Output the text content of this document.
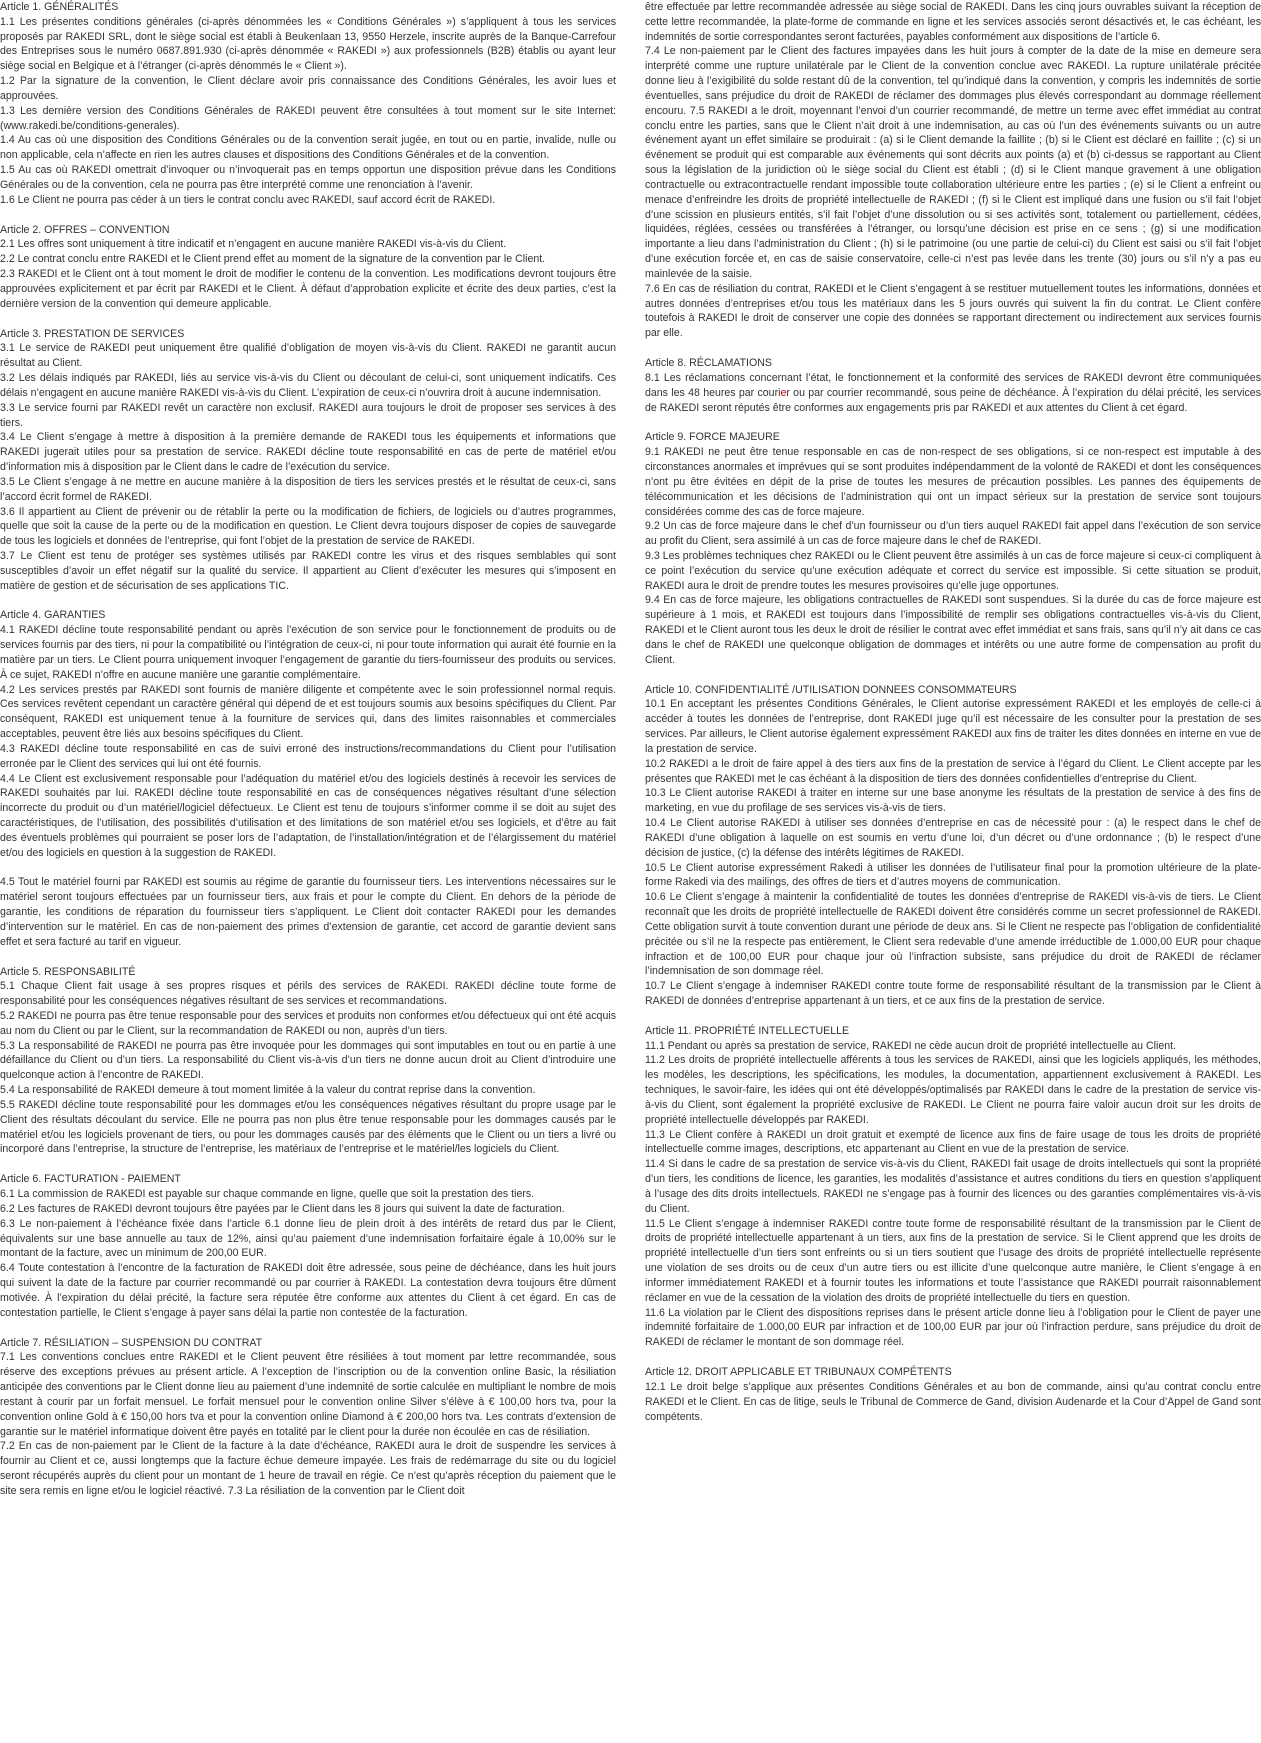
Article 1. GÉNÉRALITÉS

1.1 Les présentes conditions générales (ci-après dénommées les « Conditions Générales ») s’appliquent à tous les services proposés par RAKEDI SRL, dont le siège social est établi à Beukenlaan 13, 9550 Herzele, inscrite auprès de la Banque-Carrefour des Entreprises sous le numéro 0687.891.930 (ci-après dénommée « RAKEDI ») aux professionnels (B2B) établis ou ayant leur siège social en Belgique et à l’étranger (ci-après dénommés le « Client »).

1.2 Par la signature de la convention, le Client déclare avoir pris connaissance des Conditions Générales, les avoir lues et approuvées.

1.3 Les dernière version des Conditions Générales de RAKEDI peuvent être consultées à tout moment sur le site Internet: (www.rakedi.be/conditions-generales).

1.4 Au cas où une disposition des Conditions Générales ou de la convention serait jugée, en tout ou en partie, invalide, nulle ou non applicable, cela n’affecte en rien les autres clauses et dispositions des Conditions Générales et de la convention.

1.5 Au cas où RAKEDI omettrait d’invoquer ou n’invoquerait pas en temps opportun une disposition prévue dans les Conditions Générales ou de la convention, cela ne pourra pas être interprété comme une renonciation à l’avenir.

1.6 Le Client ne pourra pas céder à un tiers le contrat conclu avec RAKEDI, sauf accord écrit de RAKEDI.

Article 2. OFFRES – CONVENTION

2.1 Les offres sont uniquement à titre indicatif et n’engagent en aucune manière RAKEDI vis-à-vis du Client.

2.2 Le contrat conclu entre RAKEDI et le Client prend effet au moment de la signature de la convention par le Client.

2.3 RAKEDI et le Client ont à tout moment le droit de modifier le contenu de la convention. Les modifications devront toujours être approuvées explicitement et par écrit par RAKEDI et le Client. À défaut d’approbation explicite et écrite des deux parties, c’est la dernière version de la convention qui demeure applicable.

Article 3. PRESTATION DE SERVICES

3.1 Le service de RAKEDI peut uniquement être qualifié d’obligation de moyen vis-à-vis du Client. RAKEDI ne garantit aucun résultat au Client.

3.2 Les délais indiqués par RAKEDI, liés au service vis-à-vis du Client ou découlant de celui-ci, sont uniquement indicatifs. Ces délais n’engagent en aucune manière RAKEDI vis-à-vis du Client. L’expiration de ceux-ci n’ouvrira droit à aucune indemnisation.

3.3 Le service fourni par RAKEDI revêt un caractère non exclusif. RAKEDI aura toujours le droit de proposer ses services à des tiers.

3.4 Le Client s’engage à mettre à disposition à la première demande de RAKEDI tous les équipements et informations que RAKEDI jugerait utiles pour sa prestation de service. RAKEDI décline toute responsabilité en cas de perte de matériel et/ou d’information mis à disposition par le Client dans le cadre de l’exécution du service.

3.5 Le Client s’engage à ne mettre en aucune manière à la disposition de tiers les services prestés et le résultat de ceux-ci, sans l’accord écrit formel de RAKEDI.

3.6 Il appartient au Client de prévenir ou de rétablir la perte ou la modification de fichiers, de logiciels ou d’autres programmes, quelle que soit la cause de la perte ou de la modification en question. Le Client devra toujours disposer de copies de sauvegarde de tous les logiciels et données de l’entreprise, qui font l’objet de la prestation de service de RAKEDI.

3.7 Le Client est tenu de protéger ses systèmes utilisés par RAKEDI contre les virus et des risques semblables qui sont susceptibles d’avoir un effet négatif sur la qualité du service. Il appartient au Client d’exécuter les mesures qui s’imposent en matière de gestion et de sécurisation de ses applications TIC.

Article 4. GARANTIES

4.1 RAKEDI décline toute responsabilité pendant ou après l’exécution de son service pour le fonctionnement de produits ou de services fournis par des tiers, ni pour la compatibilité ou l’intégration de ceux-ci, ni pour toute information qui aurait été fournie en la matière par un tiers. Le Client pourra uniquement invoquer l’engagement de garantie du tiers-fournisseur des produits ou services. À ce sujet, RAKEDI n’offre en aucune manière une garantie complémentaire.

4.2 Les services prestés par RAKEDI sont fournis de manière diligente et compétente avec le soin professionnel normal requis. Ces services revêtent cependant un caractère général qui dépend de et est toujours soumis aux besoins spécifiques du Client. Par conséquent, RAKEDI est uniquement tenue à la fourniture de services qui, dans des limites raisonnables et commerciales acceptables, peuvent être liés aux besoins spécifiques du Client.

4.3 RAKEDI décline toute responsabilité en cas de suivi erroné des instructions/recommandations du Client pour l’utilisation erronée par le Client des services qui lui ont été fournis.

4.4 Le Client est exclusivement responsable pour l’adéquation du matériel et/ou des logiciels destinés à recevoir les services de RAKEDI souhaités par lui. RAKEDI décline toute responsabilité en cas de conséquences négatives résultant d’une sélection incorrecte du produit ou d’un matériel/logiciel défectueux. Le Client est tenu de toujours s’informer comme il se doit au sujet des caractéristiques, de l’utilisation, des possibilités d’utilisation et des limitations de son matériel et/ou ses logiciels, et d’être au fait des éventuels problèmes qui pourraient se poser lors de l’adaptation, de l’installation/intégration et de l’élargissement du matériel et/ou des logiciels en question à la suggestion de RAKEDI.

4.5 Tout le matériel fourni par RAKEDI est soumis au régime de garantie du fournisseur tiers. Les interventions nécessaires sur le matériel seront toujours effectuées par un fournisseur tiers, aux frais et pour le compte du Client. En dehors de la période de garantie, les conditions de réparation du fournisseur tiers s’appliquent. Le Client doit contacter RAKEDI pour les demandes d’intervention sur le matériel. En cas de non-paiement des primes d’extension de garantie, cet accord de garantie devient sans effet et sera facturé au tarif en vigueur.

Article 5. RESPONSABILITÉ

5.1 Chaque Client fait usage à ses propres risques et périls des services de RAKEDI. RAKEDI décline toute forme de responsabilité pour les conséquences négatives résultant de ses services et recommandations.

5.2 RAKEDI ne pourra pas être tenue responsable pour des services et produits non conformes et/ou défectueux qui ont été acquis au nom du Client ou par le Client, sur la recommandation de RAKEDI ou non, auprès d’un tiers.

5.3 La responsabilité de RAKEDI ne pourra pas être invoquée pour les dommages qui sont imputables en tout ou en partie à une défaillance du Client ou d’un tiers. La responsabilité du Client vis-à-vis d’un tiers ne donne aucun droit au Client d’introduire une quelconque action à l’encontre de RAKEDI.

5.4 La responsabilité de RAKEDI demeure à tout moment limitée à la valeur du contrat reprise dans la convention.

5.5 RAKEDI décline toute responsabilité pour les dommages et/ou les conséquences négatives résultant du propre usage par le Client des résultats découlant du service. Elle ne pourra pas non plus être tenue responsable pour les dommages causés par le matériel et/ou les logiciels provenant de tiers, ou pour les dommages causés par des éléments que le Client ou un tiers a livré ou incorporé dans l’entreprise, la structure de l’entreprise, les matériaux de l’entreprise et le matériel/les logiciels du Client.

Article 6. FACTURATION - PAIEMENT

6.1 La commission de RAKEDI est payable sur chaque commande en ligne, quelle que soit la prestation des tiers.

6.2 Les factures de RAKEDI devront toujours être payées par le Client dans les 8 jours qui suivent la date de facturation.

6.3 Le non-paiement à l’échéance fixée dans l’article 6.1 donne lieu de plein droit à des intérêts de retard dus par le Client, équivalents sur une base annuelle au taux de 12%, ainsi qu’au paiement d’une indemnisation forfaitaire égale à 10,00% sur le montant de la facture, avec un minimum de 200,00 EUR.

6.4 Toute contestation à l’encontre de la facturation de RAKEDI doit être adressée, sous peine de déchéance, dans les huit jours qui suivent la date de la facture par courrier recommandé ou par courrier à RAKEDI. La contestation devra toujours être dûment motivée. À l’expiration du délai précité, la facture sera réputée être conforme aux attentes du Client à cet égard. En cas de contestation partielle, le Client s’engage à payer sans délai la partie non contestée de la facturation.

Article 7. RÉSILIATION – SUSPENSION DU CONTRAT

7.1 Les conventions conclues entre RAKEDI et le Client peuvent être résiliées à tout moment par lettre recommandée, sous réserve des exceptions prévues au présent article. A l’exception de l’inscription ou de la convention online Basic, la résiliation anticipée des conventions par le Client donne lieu au paiement d’une indemnité de sortie calculée en multipliant le nombre de mois restant à courir par un forfait mensuel. Le forfait mensuel pour le convention online Silver s’élève à € 100,00 hors tva, pour la convention online Gold à € 150,00 hors tva et pour la convention online Diamond à € 200,00 hors tva. Les contrats d’extension de garantie sur le matériel informatique doivent être payés en totalité par le client pour la durée non écoulée en cas de résiliation.

7.2 En cas de non-paiement par le Client de la facture à la date d’échéance, RAKEDI aura le droit de suspendre les services à fournir au Client et ce, aussi longtemps que la facture échue demeure impayée. Les frais de redémarrage du site ou du logiciel seront récupérés auprès du client pour un montant de 1 heure de travail en régie. Ce n’est qu’après réception du paiement que le site sera remis en ligne et/ou le logiciel réactivé. 7.3 La résiliation de la convention par le Client doit

être effectuée par lettre recommandée adressée au siège social de RAKEDI. Dans les cinq jours ouvrables suivant la réception de cette lettre recommandée, la plate-forme de commande en ligne et les services associés seront désactivés et, le cas échéant, les indemnités de sortie correspondantes seront facturées, payables conformément aux dispositions de l’article 6.

7.4 Le non-paiement par le Client des factures impayées dans les huit jours à compter de la date de la mise en demeure sera interprété comme une rupture unilatérale par le Client de la convention conclue avec RAKEDI. La rupture unilatérale précitée donne lieu à l’exigibilité du solde restant dû de la convention, tel qu’indiqué dans la convention, y compris les indemnités de sortie éventuelles, sans préjudice du droit de RAKEDI de réclamer des dommages plus élevés correspondant au dommage réellement encouru. 7.5 RAKEDI a le droit, moyennant l’envoi d’un courrier recommandé, de mettre un terme avec effet immédiat au contrat conclu entre les parties, sans que le Client n’ait droit à une indemnisation, au cas où l’un des événements suivants ou un autre événement ayant un effet similaire se produirait : (a) si le Client demande la faillite ; (b) si le Client est déclaré en faillite ; (c) si un événement se produit qui est comparable aux événements qui sont décrits aux points (a) et (b) ci-dessus se rapportant au Client sous la législation de la juridiction où le siège social du Client est établi ; (d) si le Client manque gravement à une obligation contractuelle ou extracontractuelle rendant impossible toute collaboration ultérieure entre les parties ; (e) si le Client a enfreint ou menace d’enfreindre les droits de propriété intellectuelle de RAKEDI ; (f) si le Client est impliqué dans une fusion ou s’il fait l’objet d’une scission en plusieurs entités, s’il fait l’objet d’une dissolution ou si ses activités sont, totalement ou partiellement, cédées, liquidées, réglées, cessées ou transférées à l’étranger, ou lorsqu’une décision est prise en ce sens ; (g) si une modification importante a lieu dans l’administration du Client ; (h) si le patrimoine (ou une partie de celui-ci) du Client est saisi ou s’il fait l’objet d’une exécution forcée et, en cas de saisie conservatoire, celle-ci n’est pas levée dans les trente (30) jours ou s’il n’y a pas eu mainlevée de la saisie.

7.6 En cas de résiliation du contrat, RAKEDI et le Client s’engagent à se restituer mutuellement toutes les informations, données et autres données d’entreprises et/ou tous les matériaux dans les 5 jours ouvrés qui suivent la fin du contrat. Le Client confère toutefois à RAKEDI le droit de conserver une copie des données se rapportant directement ou indirectement aux services fournis par elle.

Article 8. RÉCLAMATIONS

8.1 Les réclamations concernant l’état, le fonctionnement et la conformité des services de RAKEDI devront être communiquées dans les 48 heures par courier ou par courrier recommandé, sous peine de déchéance. À l’expiration du délai précité, les services de RAKEDI seront réputés être conformes aux engagements pris par RAKEDI et aux attentes du Client à cet égard.

Article 9. FORCE MAJEURE

9.1 RAKEDI ne peut être tenue responsable en cas de non-respect de ses obligations, si ce non-respect est imputable à des circonstances anormales et imprévues qui se sont produites indépendamment de la volonté de RAKEDI et dont les conséquences n’ont pu être évitées en dépit de la prise de toutes les mesures de précaution possibles. Les pannes des équipements de télécommunication et les décisions de l’administration qui ont un impact sérieux sur la prestation de service sont toujours considérées comme des cas de force majeure.

9.2 Un cas de force majeure dans le chef d’un fournisseur ou d’un tiers auquel RAKEDI fait appel dans l’exécution de son service au profit du Client, sera assimilé à un cas de force majeure dans le chef de RAKEDI.

9.3 Les problèmes techniques chez RAKEDI ou le Client peuvent être assimilés à un cas de force majeure si ceux-ci compliquent à ce point l’exécution du service qu’une exécution adéquate et correct du service est impossible. Si cette situation se produit, RAKEDI aura le droit de prendre toutes les mesures provisoires qu’elle juge opportunes.

9.4 En cas de force majeure, les obligations contractuelles de RAKEDI sont suspendues. Si la durée du cas de force majeure est supérieure à 1 mois, et RAKEDI est toujours dans l’impossibilité de remplir ses obligations contractuelles vis-à-vis du Client, RAKEDI et le Client auront tous les deux le droit de résilier le contrat avec effet immédiat et sans frais, sans qu’il n’y ait dans ce cas dans le chef de RAKEDI une quelconque obligation de dommages et intérêts ou une autre forme de compensation au profit du Client.

Article 10. CONFIDENTIALITÉ /UTILISATION DONNEES CONSOMMATEURS

10.1 En acceptant les présentes Conditions Générales, le Client autorise expressément RAKEDI et les employés de celle-ci à accéder à toutes les données de l’entreprise, dont RAKEDI juge qu’il est nécessaire de les consulter pour la prestation de ses services. Par ailleurs, le Client autorise également expressément RAKEDI aux fins de traiter les dites données en interne en vue de la prestation de service.

10.2 RAKEDI a le droit de faire appel à des tiers aux fins de la prestation de service à l’égard du Client. Le Client accepte par les présentes que RAKEDI met le cas échéant à la disposition de tiers des données confidentielles d’entreprise du Client.

10.3 Le Client autorise RAKEDI à traiter en interne sur une base anonyme les résultats de la prestation de service à des fins de marketing, en vue du profilage de ses services vis-à-vis de tiers.

10.4 Le Client autorise RAKEDI à utiliser ses données d’entreprise en cas de nécessité pour : (a) le respect dans le chef de RAKEDI d’une obligation à laquelle on est soumis en vertu d’une loi, d’un décret ou d’une ordonnance ; (b) le respect d’une décision de justice, (c) la défense des intérêts légitimes de RAKEDI.

10.5 Le Client autorise expressément Rakedi à utiliser les données de l’utilisateur final pour la promotion ultérieure de la plate-forme Rakedi via des mailings, des offres de tiers et d’autres moyens de communication.

10.6 Le Client s’engage à maintenir la confidentialité de toutes les données d’entreprise de RAKEDI vis-à-vis de tiers. Le Client reconnaît que les droits de propriété intellectuelle de RAKEDI doivent être considérés comme un secret professionnel de RAKEDI. Cette obligation survit à toute convention durant une période de deux ans. Si le Client ne respecte pas l’obligation de confidentialité précitée ou s’il ne la respecte pas entièrement, le Client sera redevable d’une amende irréductible de 1.000,00 EUR pour chaque infraction et de 100,00 EUR pour chaque jour où l’infraction subsiste, sans préjudice du droit de RAKEDI de réclamer l’indemnisation de son dommage réel.

10.7 Le Client s’engage à indemniser RAKEDI contre toute forme de responsabilité résultant de la transmission par le Client à RAKEDI de données d’entreprise appartenant à un tiers, et ce aux fins de la prestation de service.

Article 11. PROPRIÉTÉ INTELLECTUELLE

11.1 Pendant ou après sa prestation de service, RAKEDI ne cède aucun droit de propriété intellectuelle au Client.

11.2 Les droits de propriété intellectuelle afférents à tous les services de RAKEDI, ainsi que les logiciels appliqués, les méthodes, les modèles, les descriptions, les spécifications, les modules, la documentation, appartiennent exclusivement à RAKEDI. Les techniques, le savoir-faire, les idées qui ont été développés/optimalisés par RAKEDI dans le cadre de la prestation de service vis-à-vis du Client, sont également la propriété exclusive de RAKEDI. Le Client ne pourra faire valoir aucun droit sur les droits de propriété intellectuelle développés par RAKEDI.

11.3 Le Client confère à RAKEDI un droit gratuit et exempté de licence aux fins de faire usage de tous les droits de propriété intellectuelle comme images, descriptions, etc appartenant au Client en vue de la prestation de service.

11.4 Si dans le cadre de sa prestation de service vis-à-vis du Client, RAKEDI fait usage de droits intellectuels qui sont la propriété d’un tiers, les conditions de licence, les garanties, les modalités d’assistance et autres conditions du tiers en question s’appliquent à l’usage des dits droits intellectuels. RAKEDI ne s’engage pas à fournir des licences ou des garanties complémentaires vis-à-vis du Client.

11.5 Le Client s’engage à indemniser RAKEDI contre toute forme de responsabilité résultant de la transmission par le Client de droits de propriété intellectuelle appartenant à un tiers, aux fins de la prestation de service. Si le Client apprend que les droits de propriété intellectuelle d’un tiers sont enfreints ou si un tiers soutient que l’usage des droits de propriété intellectuelle représente une violation de ses droits ou de ceux d’un autre tiers ou est illicite d’une quelconque autre manière, le Client s’engage à en informer immédiatement RAKEDI et à fournir toutes les informations et toute l’assistance que RAKEDI pourrait raisonnablement réclamer en vue de la cessation de la violation des droits de propriété intellectuelle du tiers en question.

11.6 La violation par le Client des dispositions reprises dans le présent article donne lieu à l’obligation pour le Client de payer une indemnité forfaitaire de 1.000,00 EUR par infraction et de 100,00 EUR par jour où l’infraction perdure, sans préjudice du droit de RAKEDI de réclamer le montant de son dommage réel.

Article 12. DROIT APPLICABLE ET TRIBUNAUX COMPÉTENTS

12.1 Le droit belge s’applique aux présentes Conditions Générales et au bon de commande, ainsi qu’au contrat conclu entre RAKEDI et le Client. En cas de litige, seuls le Tribunal de Commerce de Gand, division Audenarde et la Cour d’Appel de Gand sont compétents.
